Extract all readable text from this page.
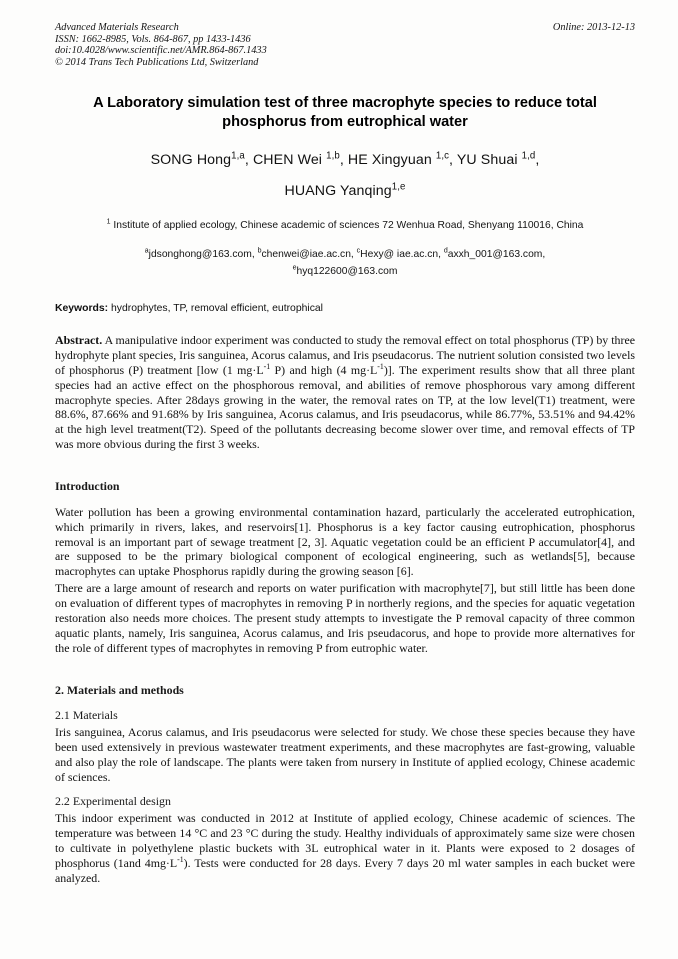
Advanced Materials Research
ISSN: 1662-8985, Vols. 864-867, pp 1433-1436
doi:10.4028/www.scientific.net/AMR.864-867.1433
© 2014 Trans Tech Publications Ltd, Switzerland
Online: 2013-12-13
A Laboratory simulation test of three macrophyte species to reduce total phosphorus from eutrophical water
SONG Hong$^{1,a}$, CHEN Wei $^{1,b}$, HE Xingyuan $^{1,c}$, YU Shuai $^{1,d}$,
HUANG Yanqing$^{1,e}$
$^1$ Institute of applied ecology, Chinese academic of sciences 72 Wenhua Road, Shenyang 110016, China
$^a$jdsonghong@163.com, $^b$chenwei@iae.ac.cn, $^c$Hexy@ iae.ac.cn, $^d$axxh_001@163.com,
$^e$hyq122600@163.com
Keywords: hydrophytes, TP, removal efficient, eutrophical
Abstract. A manipulative indoor experiment was conducted to study the removal effect on total phosphorus (TP) by three hydrophyte plant species, Iris sanguinea, Acorus calamus, and Iris pseudacorus. The nutrient solution consisted two levels of phosphorus (P) treatment [low (1 $mg\cdot L^{-1}$ P) and high (4 $mg\cdot L^{-1}$)]. The experiment results show that all three plant species had an active effect on the phosphorous removal, and abilities of remove phosphorous vary among different macrophyte species. After 28days growing in the water, the removal rates on TP, at the low level(T1) treatment, were 88.6%, 87.66% and 91.68% by Iris sanguinea, Acorus calamus, and Iris pseudacorus, while 86.77%, 53.51% and 94.42% at the high level treatment(T2). Speed of the pollutants decreasing become slower over time, and removal effects of TP was more obvious during the first 3 weeks.
Introduction

Water pollution has been a growing environmental contamination hazard, particularly the accelerated eutrophication, which primarily in rivers, lakes, and reservoirs[1]. Phosphorus is a key factor causing eutrophication, phosphorus removal is an important part of sewage treatment [2, 3]. Aquatic vegetation could be an efficient P accumulator[4], and are supposed to be the primary biological component of ecological engineering, such as wetlands[5], because macrophytes can uptake Phosphorus rapidly during the growing season [6].

There are a large amount of research and reports on water purification with macrophyte[7], but still little has been done on evaluation of different types of macrophytes in removing P in northerly regions, and the species for aquatic vegetation restoration also needs more choices. The present study attempts to investigate the P removal capacity of three common aquatic plants, namely, Iris sanguinea, Acorus calamus, and Iris pseudacorus, and hope to provide more alternatives for the role of different types of macrophytes in removing P from eutrophic water.

2. Materials and methods
2.1 Materials

Iris sanguinea, Acorus calamus, and Iris pseudacorus were selected for study. We chose these species because they have been used extensively in previous wastewater treatment experiments, and these macrophytes are fast-growing, valuable and also play the role of landscape. The plants were taken from nursery in Institute of applied ecology, Chinese academic of sciences.

2.2 Experimental design

This indoor experiment was conducted in 2012 at Institute of applied ecology, Chinese academic of sciences. The temperature was between 14 °C and 23 °C during the study. Healthy individuals of approximately same size were chosen to cultivate in polyethylene plastic buckets with 3L eutrophical water in it. Plants were exposed to 2 dosages of phosphorus (1and $4mg\cdot L^{-1}$). Tests were conducted for 28 days. Every 7 days 20 ml water samples in each bucket were analyzed.
